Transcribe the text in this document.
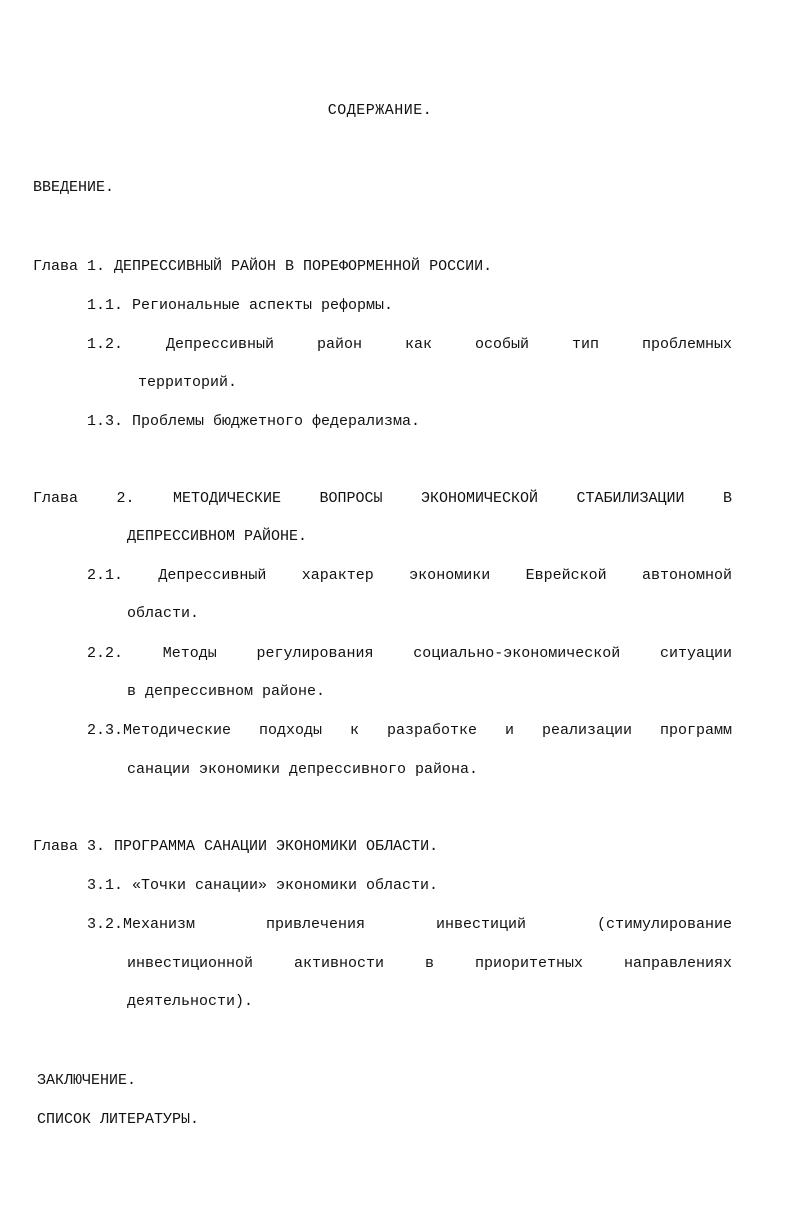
СОДЕРЖАНИЕ.
ВВЕДЕНИЕ.
Глава 1. ДЕПРЕССИВНЫЙ РАЙОН В ПОРЕФОРМЕННОЙ РОССИИ.
1.1. Региональные аспекты реформы.
1.2. Депрессивный район как особый тип проблемных
территорий.
1.3. Проблемы бюджетного федерализма.
Глава 2. МЕТОДИЧЕСКИЕ ВОПРОСЫ ЭКОНОМИЧЕСКОЙ СТАБИЛИЗАЦИИ В
ДЕПРЕССИВНОМ РАЙОНЕ.
2.1. Депрессивный характер экономики Еврейской автономной
области.
2.2. Методы регулирования социально-экономической ситуации
в депрессивном районе.
2.3.Методические подходы к разработке и реализации программ
санации экономики депрессивного района.
Глава 3. ПРОГРАММА САНАЦИИ ЭКОНОМИКИ ОБЛАСТИ.
3.1. «Точки санации» экономики области.
3.2.Механизм привлечения инвестиций (стимулирование
инвестиционной активности в приоритетных направлениях
деятельности).
ЗАКЛЮЧЕНИЕ.
СПИСОК ЛИТЕРАТУРЫ.
